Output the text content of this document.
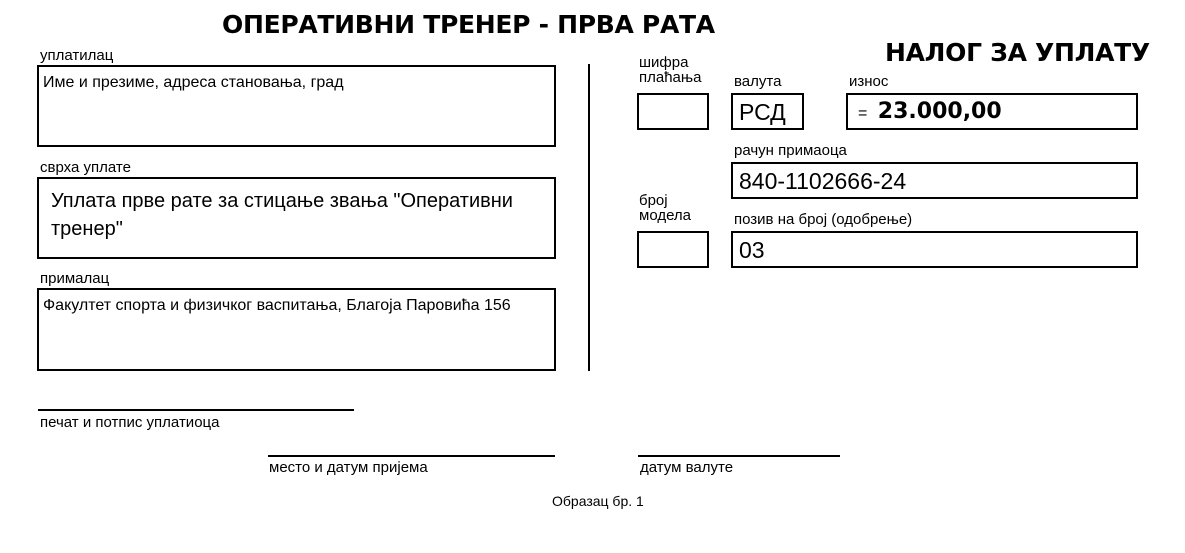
ОПЕРАТИВНИ ТРЕНЕР - ПРВА РАТА
НАЛОГ ЗА УПЛАТУ
уплатилац
Име и презиме, адреса становања, град
сврха уплате
Уплата прве рате за стицање звања "Оперативни тренер"
прималац
Факултет спорта и физичког васпитања, Благоја Паровића 156
шифра
плаћања валута
РСД
износ
= 23.000,00
рачун примаоца
840-1102666-24
број
модела	позив на број (одобрење)
03
печат и потпис уплатиоца
место и датум пријема	датум валуте
Образац бр. 1
